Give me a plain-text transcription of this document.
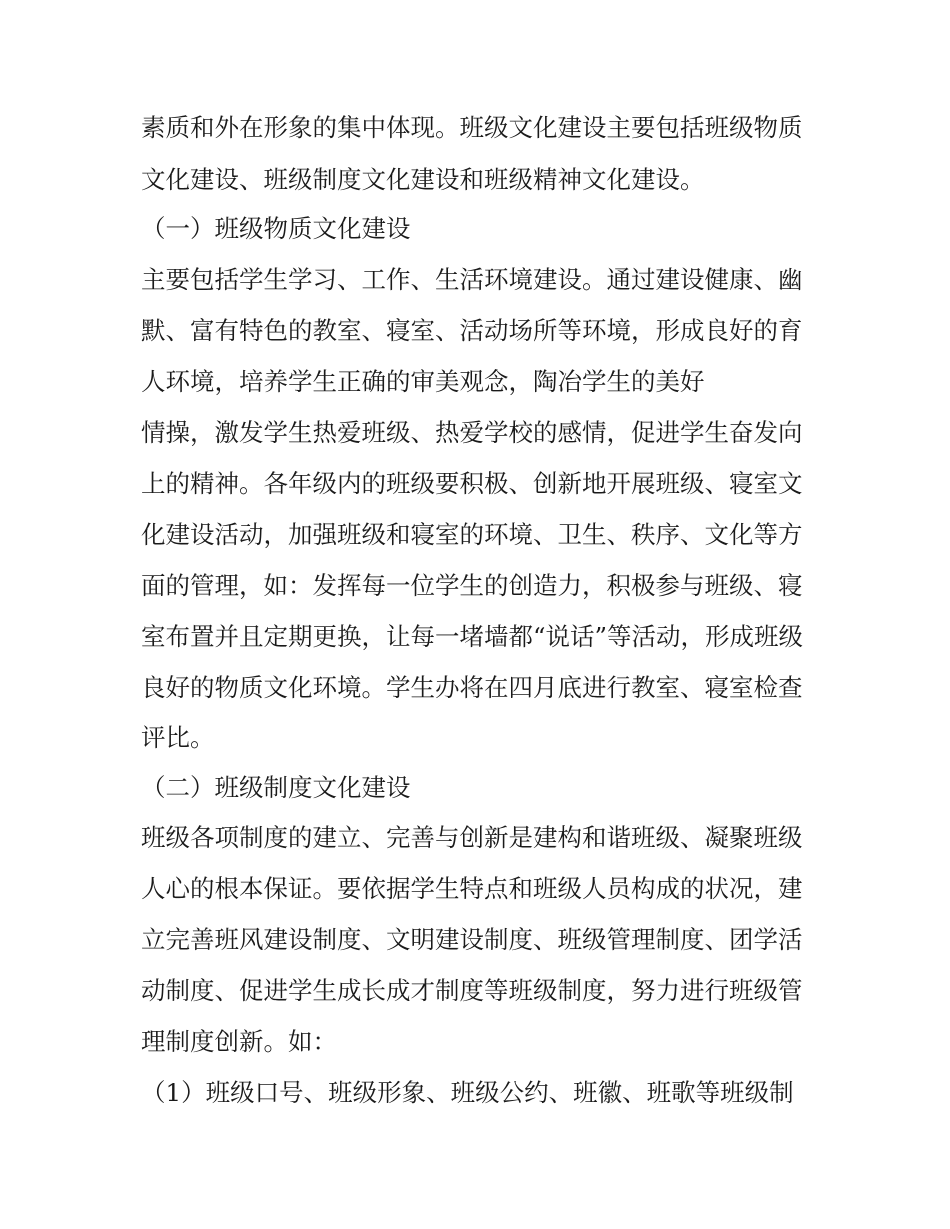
素质和外在形象的集中体现。班级文化建设主要包括班级物质
文化建设、班级制度文化建设和班级精神文化建设。
（一）班级物质文化建设
主要包括学生学习、工作、生活环境建设。通过建设健康、幽
默、富有特色的教室、寝室、活动场所等环境，形成良好的育
人环境，培养学生正确的审美观念，陶冶学生的美好
情操，激发学生热爱班级、热爱学校的感情，促进学生奋发向
上的精神。各年级内的班级要积极、创新地开展班级、寝室文
化建设活动，加强班级和寝室的环境、卫生、秩序、文化等方
面的管理，如：发挥每一位学生的创造力，积极参与班级、寝
室布置并且定期更换，让每一堵墙都“说话”等活动，形成班级
良好的物质文化环境。学生办将在四月底进行教室、寝室检查
评比。
（二）班级制度文化建设
班级各项制度的建立、完善与创新是建构和谐班级、凝聚班级
人心的根本保证。要依据学生特点和班级人员构成的状况，建
立完善班风建设制度、文明建设制度、班级管理制度、团学活
动制度、促进学生成长成才制度等班级制度，努力进行班级管
理制度创新。如：
（1）班级口号、班级形象、班级公约、班徽、班歌等班级制
